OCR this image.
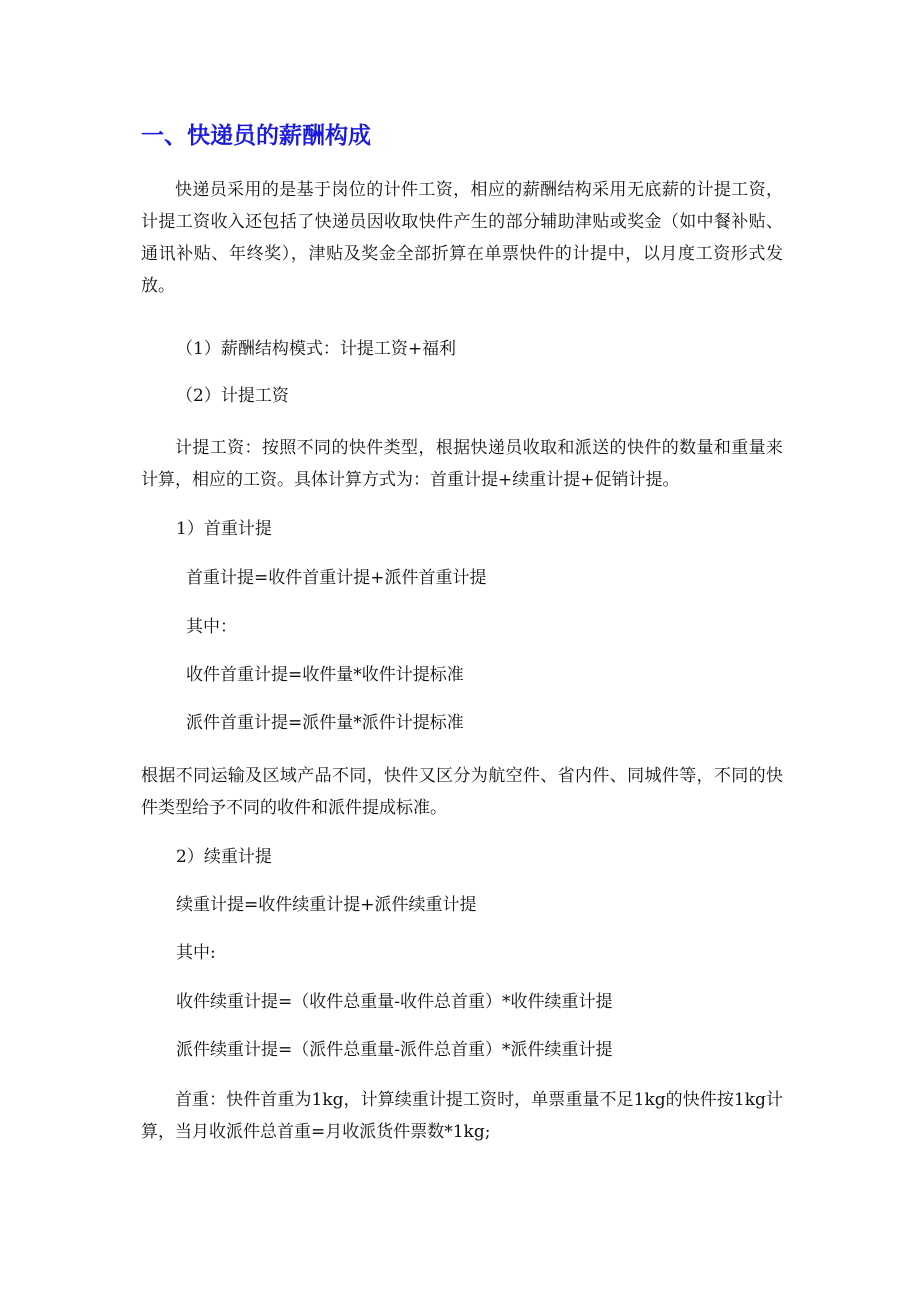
一、快递员的薪酬构成
快递员采用的是基于岗位的计件工资，相应的薪酬结构采用无底薪的计提工资，计提工资收入还包括了快递员因收取快件产生的部分辅助津贴或奖金（如中餐补贴、通讯补贴、年终奖），津贴及奖金全部折算在单票快件的计提中，以月度工资形式发放。
（1）薪酬结构模式：计提工资+福利
（2）计提工资
计提工资：按照不同的快件类型，根据快递员收取和派送的快件的数量和重量来计算，相应的工资。具体计算方式为：首重计提+续重计提+促销计提。
1）首重计提
首重计提=收件首重计提+派件首重计提
其中：
收件首重计提=收件量*收件计提标准
派件首重计提=派件量*派件计提标准
根据不同运输及区域产品不同，快件又区分为航空件、省内件、同城件等，不同的快件类型给予不同的收件和派件提成标准。
2）续重计提
续重计提=收件续重计提+派件续重计提
其中:
收件续重计提=（收件总重量-收件总首重）*收件续重计提
派件续重计提=（派件总重量-派件总首重）*派件续重计提
首重：快件首重为1kg，计算续重计提工资时，单票重量不足1kg的快件按1kg计算，当月收派件总首重=月收派货件票数*1kg;
